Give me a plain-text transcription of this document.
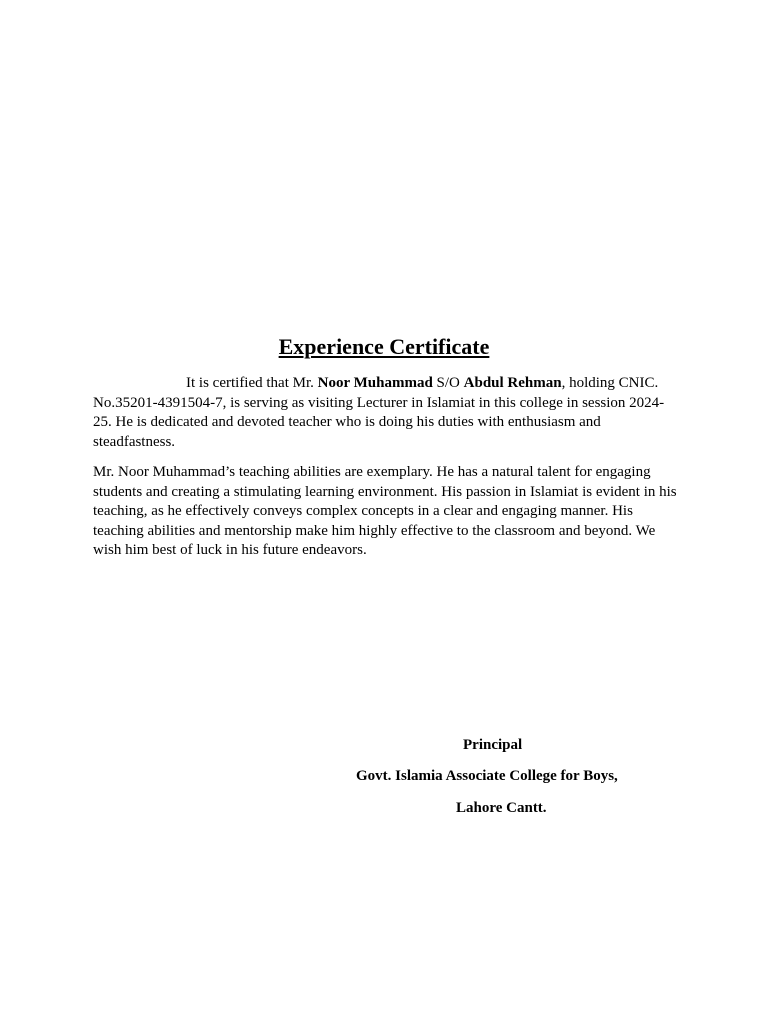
Experience Certificate

It is certified that Mr. Noor Muhammad S/O Abdul Rehman, holding CNIC. No.35201-4391504-7, is serving as visiting Lecturer in Islamiat in this college in session 2024-25. He is dedicated and devoted teacher who is doing his duties with enthusiasm and steadfastness.

Mr. Noor Muhammad’s teaching abilities are exemplary. He has a natural talent for engaging students and creating a stimulating learning environment. His passion in Islamiat is evident in his teaching, as he effectively conveys complex concepts in a clear and engaging manner. His teaching abilities and mentorship make him highly effective to the classroom and beyond. We wish him best of luck in his future endeavors.

Principal

Govt. Islamia Associate College for Boys,

Lahore Cantt.
